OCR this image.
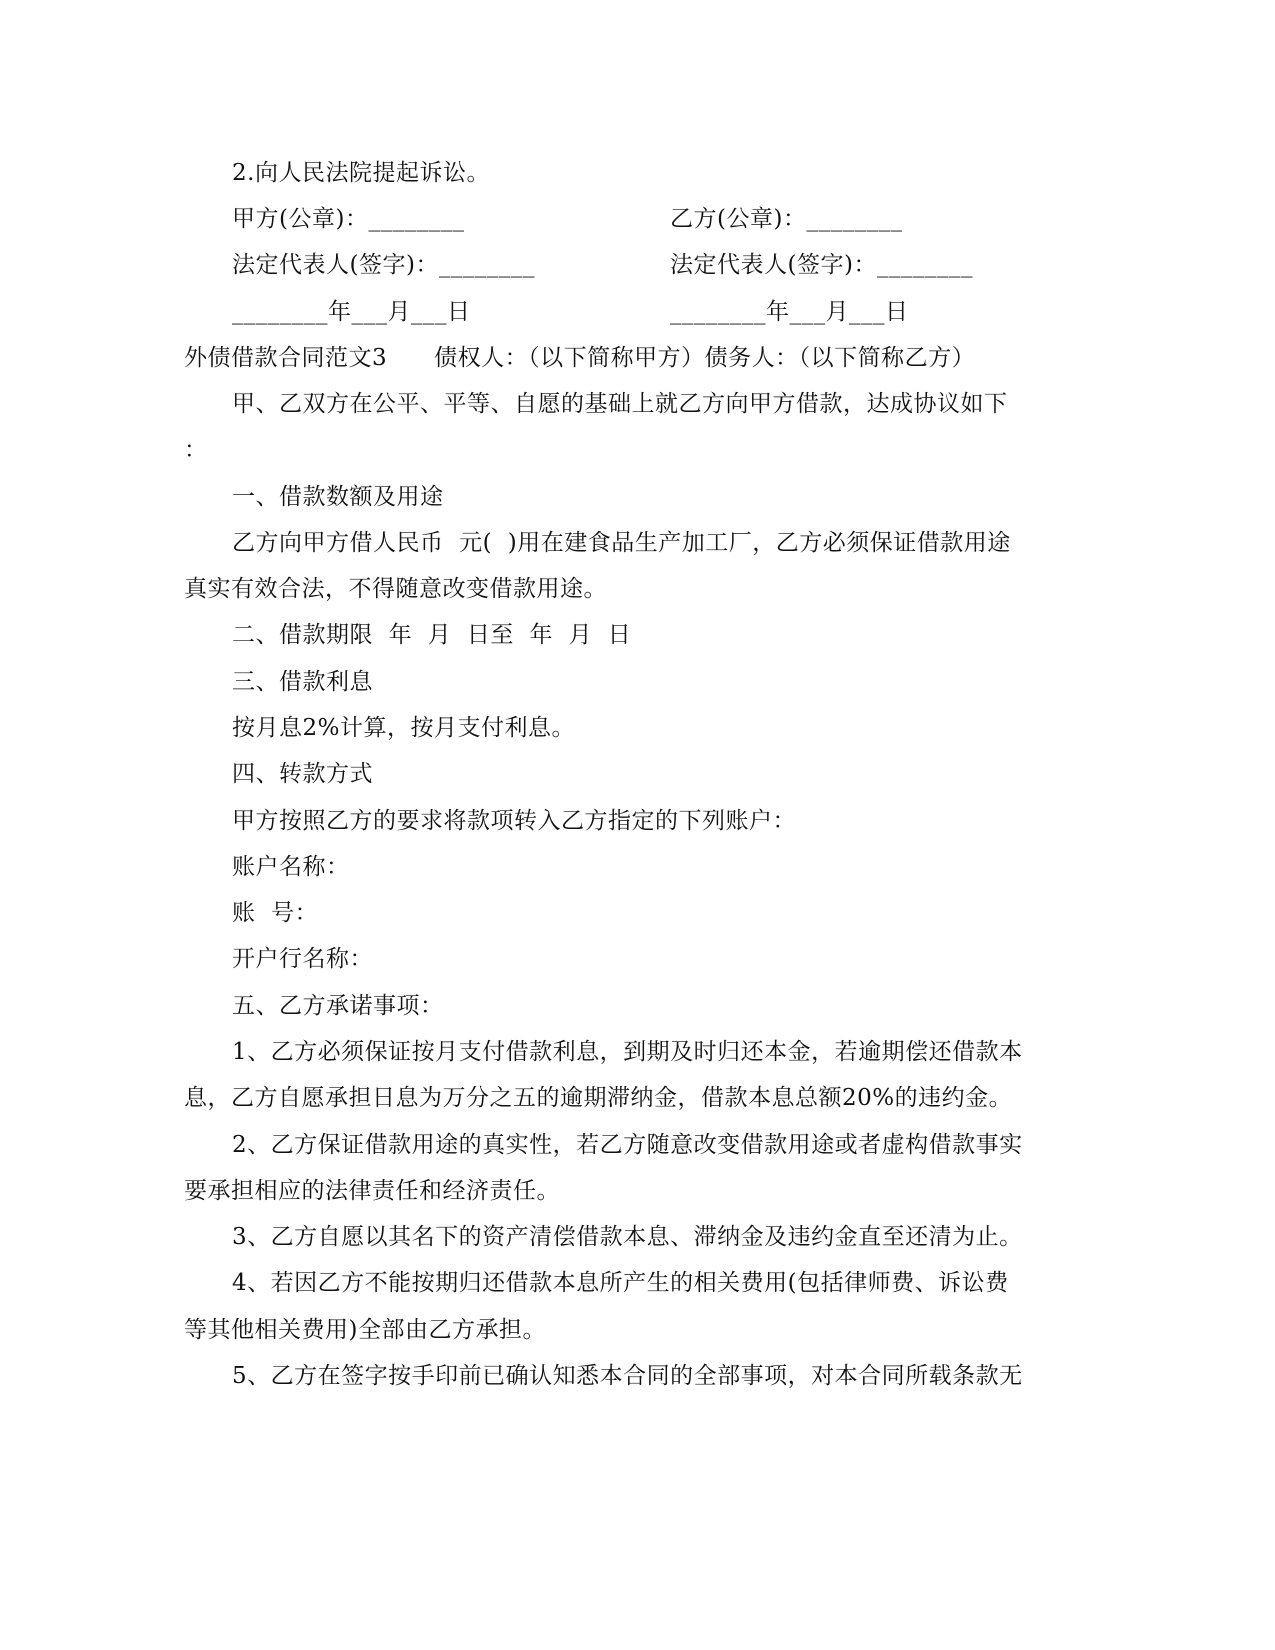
2.向人民法院提起诉讼。
甲方(公章)：________	乙方(公章)：________
法定代表人(签字)：________	法定代表人(签字)：________
________年___月___日	________年___月___日
外债借款合同范文3　　债权人：（以下简称甲方）债务人：（以下简称乙方）
甲、乙双方在公平、平等、自愿的基础上就乙方向甲方借款，达成协议如下
：
一、借款数额及用途
乙方向甲方借人民币  元(  )用在建食品生产加工厂，乙方必须保证借款用途
真实有效合法，不得随意改变借款用途。
二、借款期限  年  月  日至  年  月  日
三、借款利息
按月息2%计算，按月支付利息。
四、转款方式
甲方按照乙方的要求将款项转入乙方指定的下列账户：
账户名称：
账  号：
开户行名称：
五、乙方承诺事项：
1、乙方必须保证按月支付借款利息，到期及时归还本金，若逾期偿还借款本
息，乙方自愿承担日息为万分之五的逾期滞纳金，借款本息总额20%的违约金。
2、乙方保证借款用途的真实性，若乙方随意改变借款用途或者虚构借款事实
要承担相应的法律责任和经济责任。
3、乙方自愿以其名下的资产清偿借款本息、滞纳金及违约金直至还清为止。
4、若因乙方不能按期归还借款本息所产生的相关费用(包括律师费、诉讼费
等其他相关费用)全部由乙方承担。
5、乙方在签字按手印前已确认知悉本合同的全部事项，对本合同所载条款无
